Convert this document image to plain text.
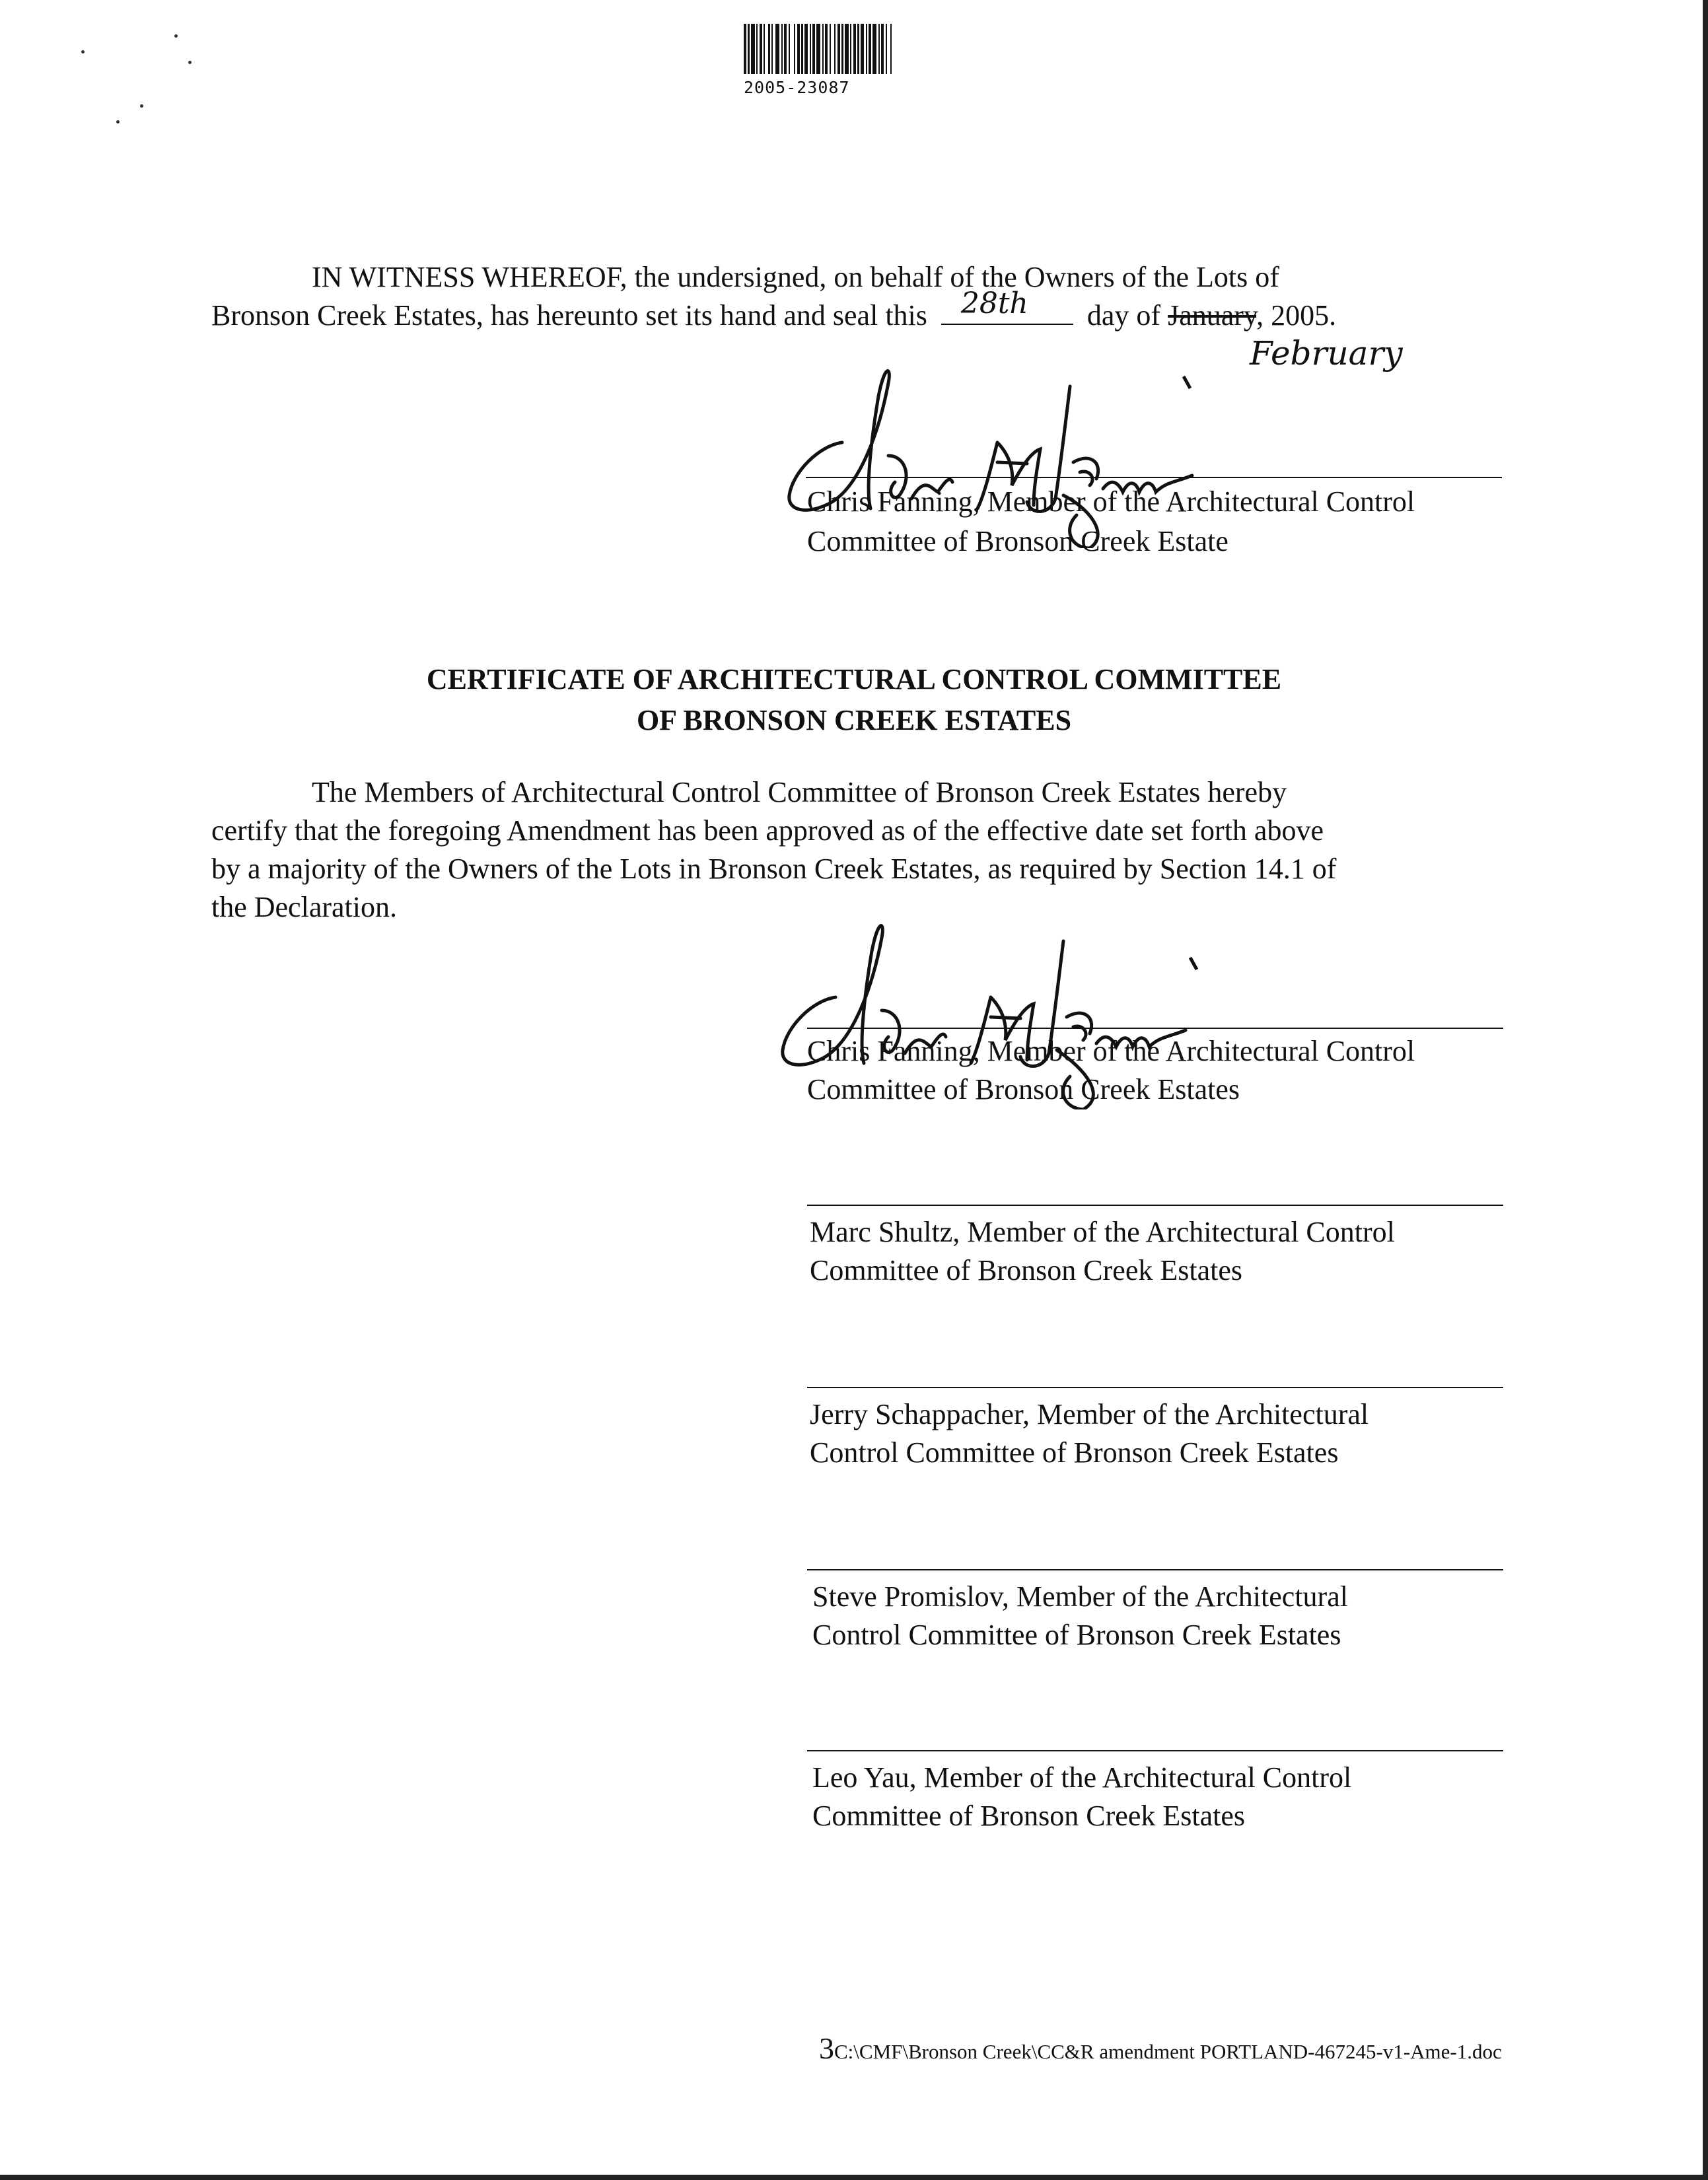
2005-23087
IN WITNESS WHEREOF, the undersigned, on behalf of the Owners of the Lots of
Bronson Creek Estates, has hereunto set its hand and seal this 28th day of January, 2005.
February
Chris Fanning, Member of the Architectural Control
Committee of Bronson Creek Estate
CERTIFICATE OF ARCHITECTURAL CONTROL COMMITTEE
OF BRONSON CREEK ESTATES
The Members of Architectural Control Committee of Bronson Creek Estates hereby
certify that the foregoing Amendment has been approved as of the effective date set forth above
by a majority of the Owners of the Lots in Bronson Creek Estates, as required by Section 14.1 of
the Declaration.
Chris Fanning, Member of the Architectural Control
Committee of Bronson Creek Estates
Marc Shultz, Member of the Architectural Control
Committee of Bronson Creek Estates
Jerry Schappacher, Member of the Architectural
Control Committee of Bronson Creek Estates
Steve Promislov, Member of the Architectural
Control Committee of Bronson Creek Estates
Leo Yau, Member of the Architectural Control
Committee of Bronson Creek Estates
3C:\CMF\Bronson Creek\CC&R amendment PORTLAND-467245-v1-Ame-1.doc
